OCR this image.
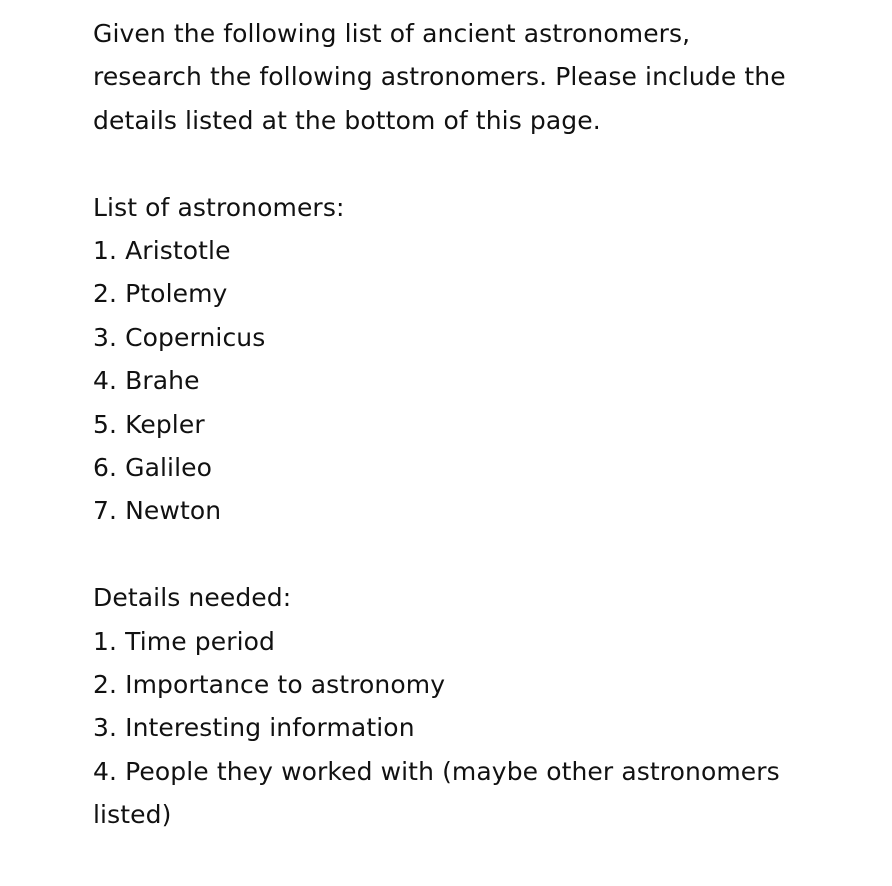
Given the following list of ancient astronomers,

research the following astronomers. Please include the

details listed at the bottom of this page.

List of astronomers:

1. Aristotle
2. Ptolemy
3. Copernicus
4. Brahe
5. Kepler
6. Galileo
7. Newton

Details needed:

1. Time period
2. Importance to astronomy
3. Interesting information
4. People they worked with (maybe other astronomers listed)
